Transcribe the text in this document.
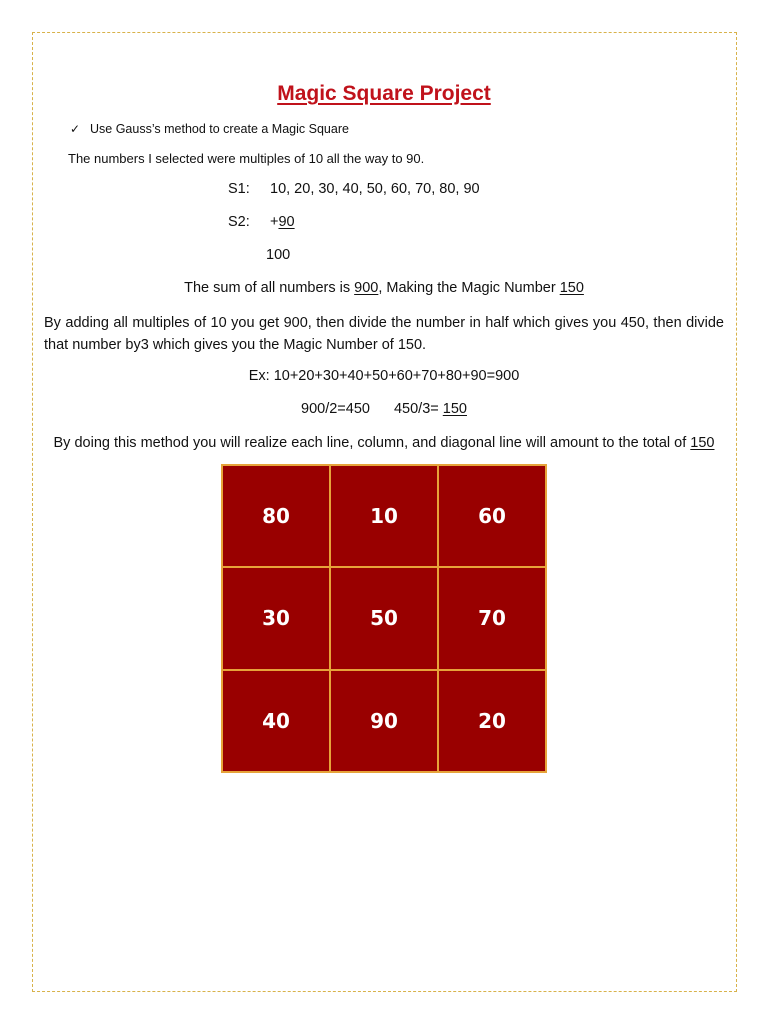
Magic Square Project
✓ Use Gauss’s method to create a Magic Square
The numbers I selected were multiples of 10 all the way to 90.
S1: 10, 20, 30, 40, 50, 60, 70, 80, 90
S2: +90
100
The sum of all numbers is 900, Making the Magic Number 150
By adding all multiples of 10 you get 900, then divide the number in half which gives you 450, then divide that number by3 which gives you the Magic Number of 150.
Ex: 10+20+30+40+50+60+70+80+90=900
900/2=450 450/3= 150
By doing this method you will realize each line, column, and diagonal line will amount to the total of 150
80	10	60
30	50	70
40	90	20
